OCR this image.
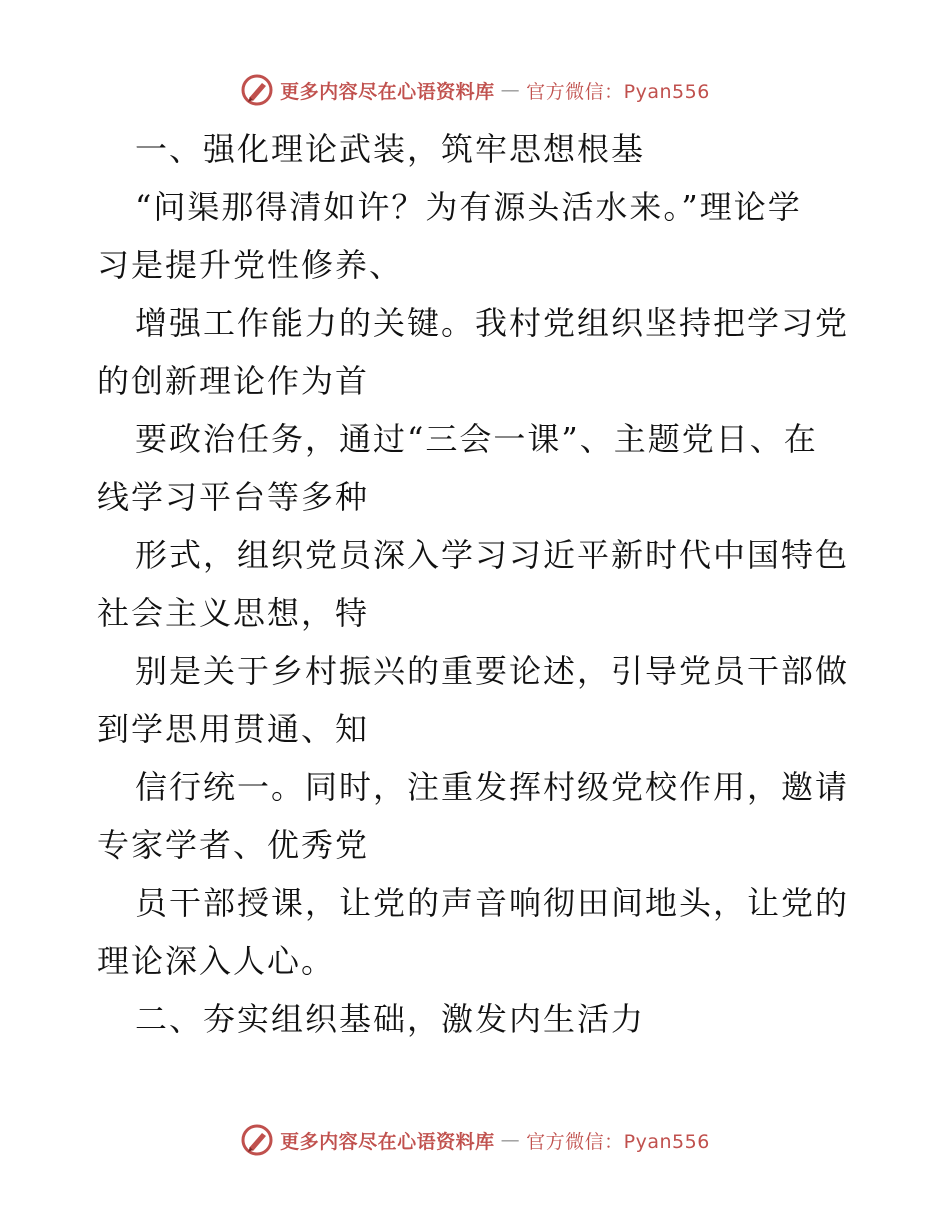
更多内容尽在心语资料库 — 官方微信：Pyan556
一、强化理论武装，筑牢思想根基
“问渠那得清如许？为有源头活水来。”理论学
习是提升党性修养、
增强工作能力的关键。我村党组织坚持把学习党
的创新理论作为首
要政治任务，通过“三会一课”、主题党日、在
线学习平台等多种
形式，组织党员深入学习习近平新时代中国特色
社会主义思想，特
别是关于乡村振兴的重要论述，引导党员干部做
到学思用贯通、知
信行统一。同时，注重发挥村级党校作用，邀请
专家学者、优秀党
员干部授课，让党的声音响彻田间地头，让党的
理论深入人心。
二、夯实组织基础，激发内生活力
更多内容尽在心语资料库 — 官方微信：Pyan556
